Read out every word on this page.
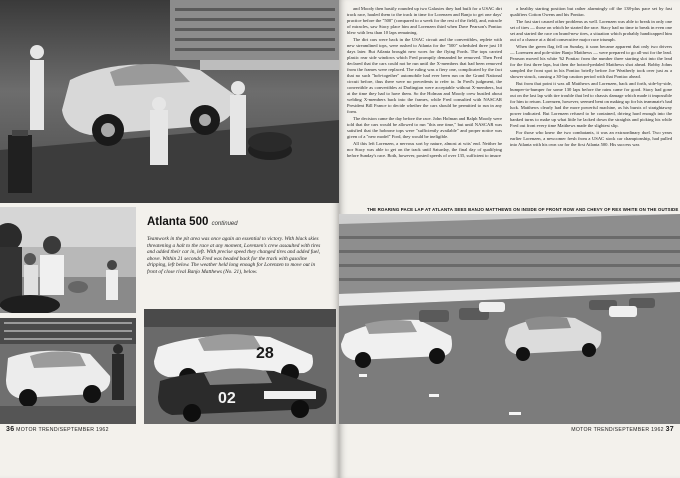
Atlanta 500 continued
Teamwork in the pit area was once again an essential to victory. With black skies threatening a halt to the race at any moment, Lorenzen's crew assaulted with tires and added their car in, left. With precise speed they changed tires and added fuel, above. Within 21 seconds Fred was headed back for the track with gasoline dripping, left below. The weather held long enough for Lorenzen to move out in front of close rival Banjo Matthews (No. 21), below.
28
02
36 MOTOR TREND/SEPTEMBER 1962

and Moody then hastily rounded up two Galaxies they had built for a USAC dirt track race, hauled them to the track in time for Lorenzen and Banjo to get one days' practice before the "500" (compared to a week for the rest of the field), and, miracle of miracles, saw Stacy place him and Lorenzen third when Dave Pearson's Pontiac blew with less than 10 laps remaining.

The dirt cars were back in the USAC circuit and the convertibles, replete with new streamlined tops, were rushed to Atlanta for the "500" scheduled three just 10 days later. But Atlanta brought new woes for the flying Fords. The tops carried plastic rear side windows which Fred promptly demanded be removed. Then Fred declared that the cars could not be run until the X-members that had been removed from the frames were replaced. The ruling was a fiery one, complicated by the fact that no such "hob-together" automobile had ever been run on the Grand National circuit before, thus there were no precedents to refer to. In Fred's judgment, the convertible as convertibles at Darlington were acceptable without X-members, but at the time they had to have them. So the Holman and Moody crew bustled about welding X-members back into the frames, while Fred consulted with NASCAR President Bill France to decide whether the cars should be permitted to run in any form.

The decision came the day before the race. John Holman and Ralph Moody were told that the cars would be allowed to run "this one time," but until NASCAR was satisfied that the hobrone tops were "sufficiently available" and proper notice was given of a "new model" Ford, they would be ineligible.

All this left Lorenzen, a nervous sort by nature, almost at wits' end. Neither he nor Stacy was able to get on the track until Saturday, the final day of qualifying before Sunday's race. Both, however, posted speeds of over 135, sufficient to insure

a healthy starting position but rather alarmingly off the 138-plus pace set by fast qualifiers Cotton Owens and his Pontiac.

The fast start caused other problems as well. Lorenzen was able to break in only one set of tires — those on which he started the race. Stacy had no time to break in even one set and started the race on brand-new tires, a situation which probably handicapped him out of a chance at a third consecutive major race triumph.

When the green flag fell on Sunday, it soon became apparent that only two drivers — Lorenzen and pole-sitter Banjo Matthews — were prepared to go all-out for the lead. Pearson moved his white '62 Pontiac from the number three starting slot into the lead for the first three laps, but then the hotrod-pedaled Matthews shot ahead. Bobby Johns sampled the front spot in his Pontiac briefly before Joe Weatherly took over just as a shower struck, causing a 30-lap caution period with that Pontiac ahead.

But from that point it was all Matthews and Lorenzen, back and forth, side-by-side, bumper-to-bumper for some 130 laps before the rains came for good. Stacy had gone out on the last lap with tire trouble that led to chassis damage which made it impossible for him to return. Lorenzen, however, seemed bent on making up for his teammate's bad luck. Matthews clearly had the more powerful machine, as his bursts of straightaway power indicated. But Lorenzen refused to be contained, driving hard enough into the banked turns to make up what little he lacked down the straights and picking his while Fred out front every time Matthews made the slightest slip.

For those who knew the two combatants, it was an extraordinary duel. Two years earlier Lorenzen, a newcomer fresh from a USAC stock car championship, had pulled into Atlanta with his own car for the first Atlanta 500. His success was

THE ROARING PACE LAP AT ATLANTA SEES BANJO MATTHEWS ON INSIDE OF FRONT ROW AND CHEVY OF REX WHITE ON THE OUTSIDE
MOTOR TREND/SEPTEMBER 1962 37
